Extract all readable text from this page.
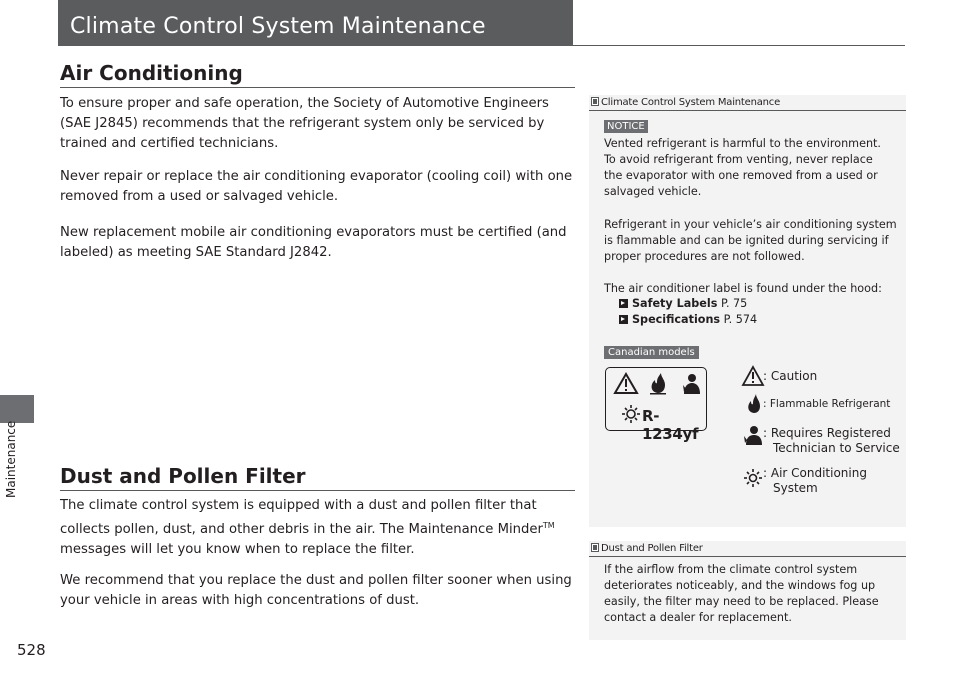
Maintenance
528
Climate Control System Maintenance
Air Conditioning
To ensure proper and safe operation, the Society of Automotive Engineers (SAE J2845) recommends that the refrigerant system only be serviced by trained and certified technicians.
Never repair or replace the air conditioning evaporator (cooling coil) with one removed from a used or salvaged vehicle.
New replacement mobile air conditioning evaporators must be certified (and labeled) as meeting SAE Standard J2842.
Dust and Pollen Filter
The climate control system is equipped with a dust and pollen filter that collects pollen, dust, and other debris in the air. The Maintenance Minder™ messages will let you know when to replace the filter.
We recommend that you replace the dust and pollen filter sooner when using your vehicle in areas with high concentrations of dust.
Climate Control System Maintenance
NOTICE
Vented refrigerant is harmful to the environment. To avoid refrigerant from venting, never replace the evaporator with one removed from a used or salvaged vehicle.
Refrigerant in your vehicle’s air conditioning system is flammable and can be ignited during servicing if proper procedures are not followed.
The air conditioner label is found under the hood:
Safety Labels P. 75
Specifications P. 574
Canadian models
R-1234yf
: Caution
: Flammable Refrigerant
: Requires Registered
Technician to Service
: Air Conditioning
System
Dust and Pollen Filter
If the airflow from the climate control system deteriorates noticeably, and the windows fog up easily, the filter may need to be replaced. Please contact a dealer for replacement.
